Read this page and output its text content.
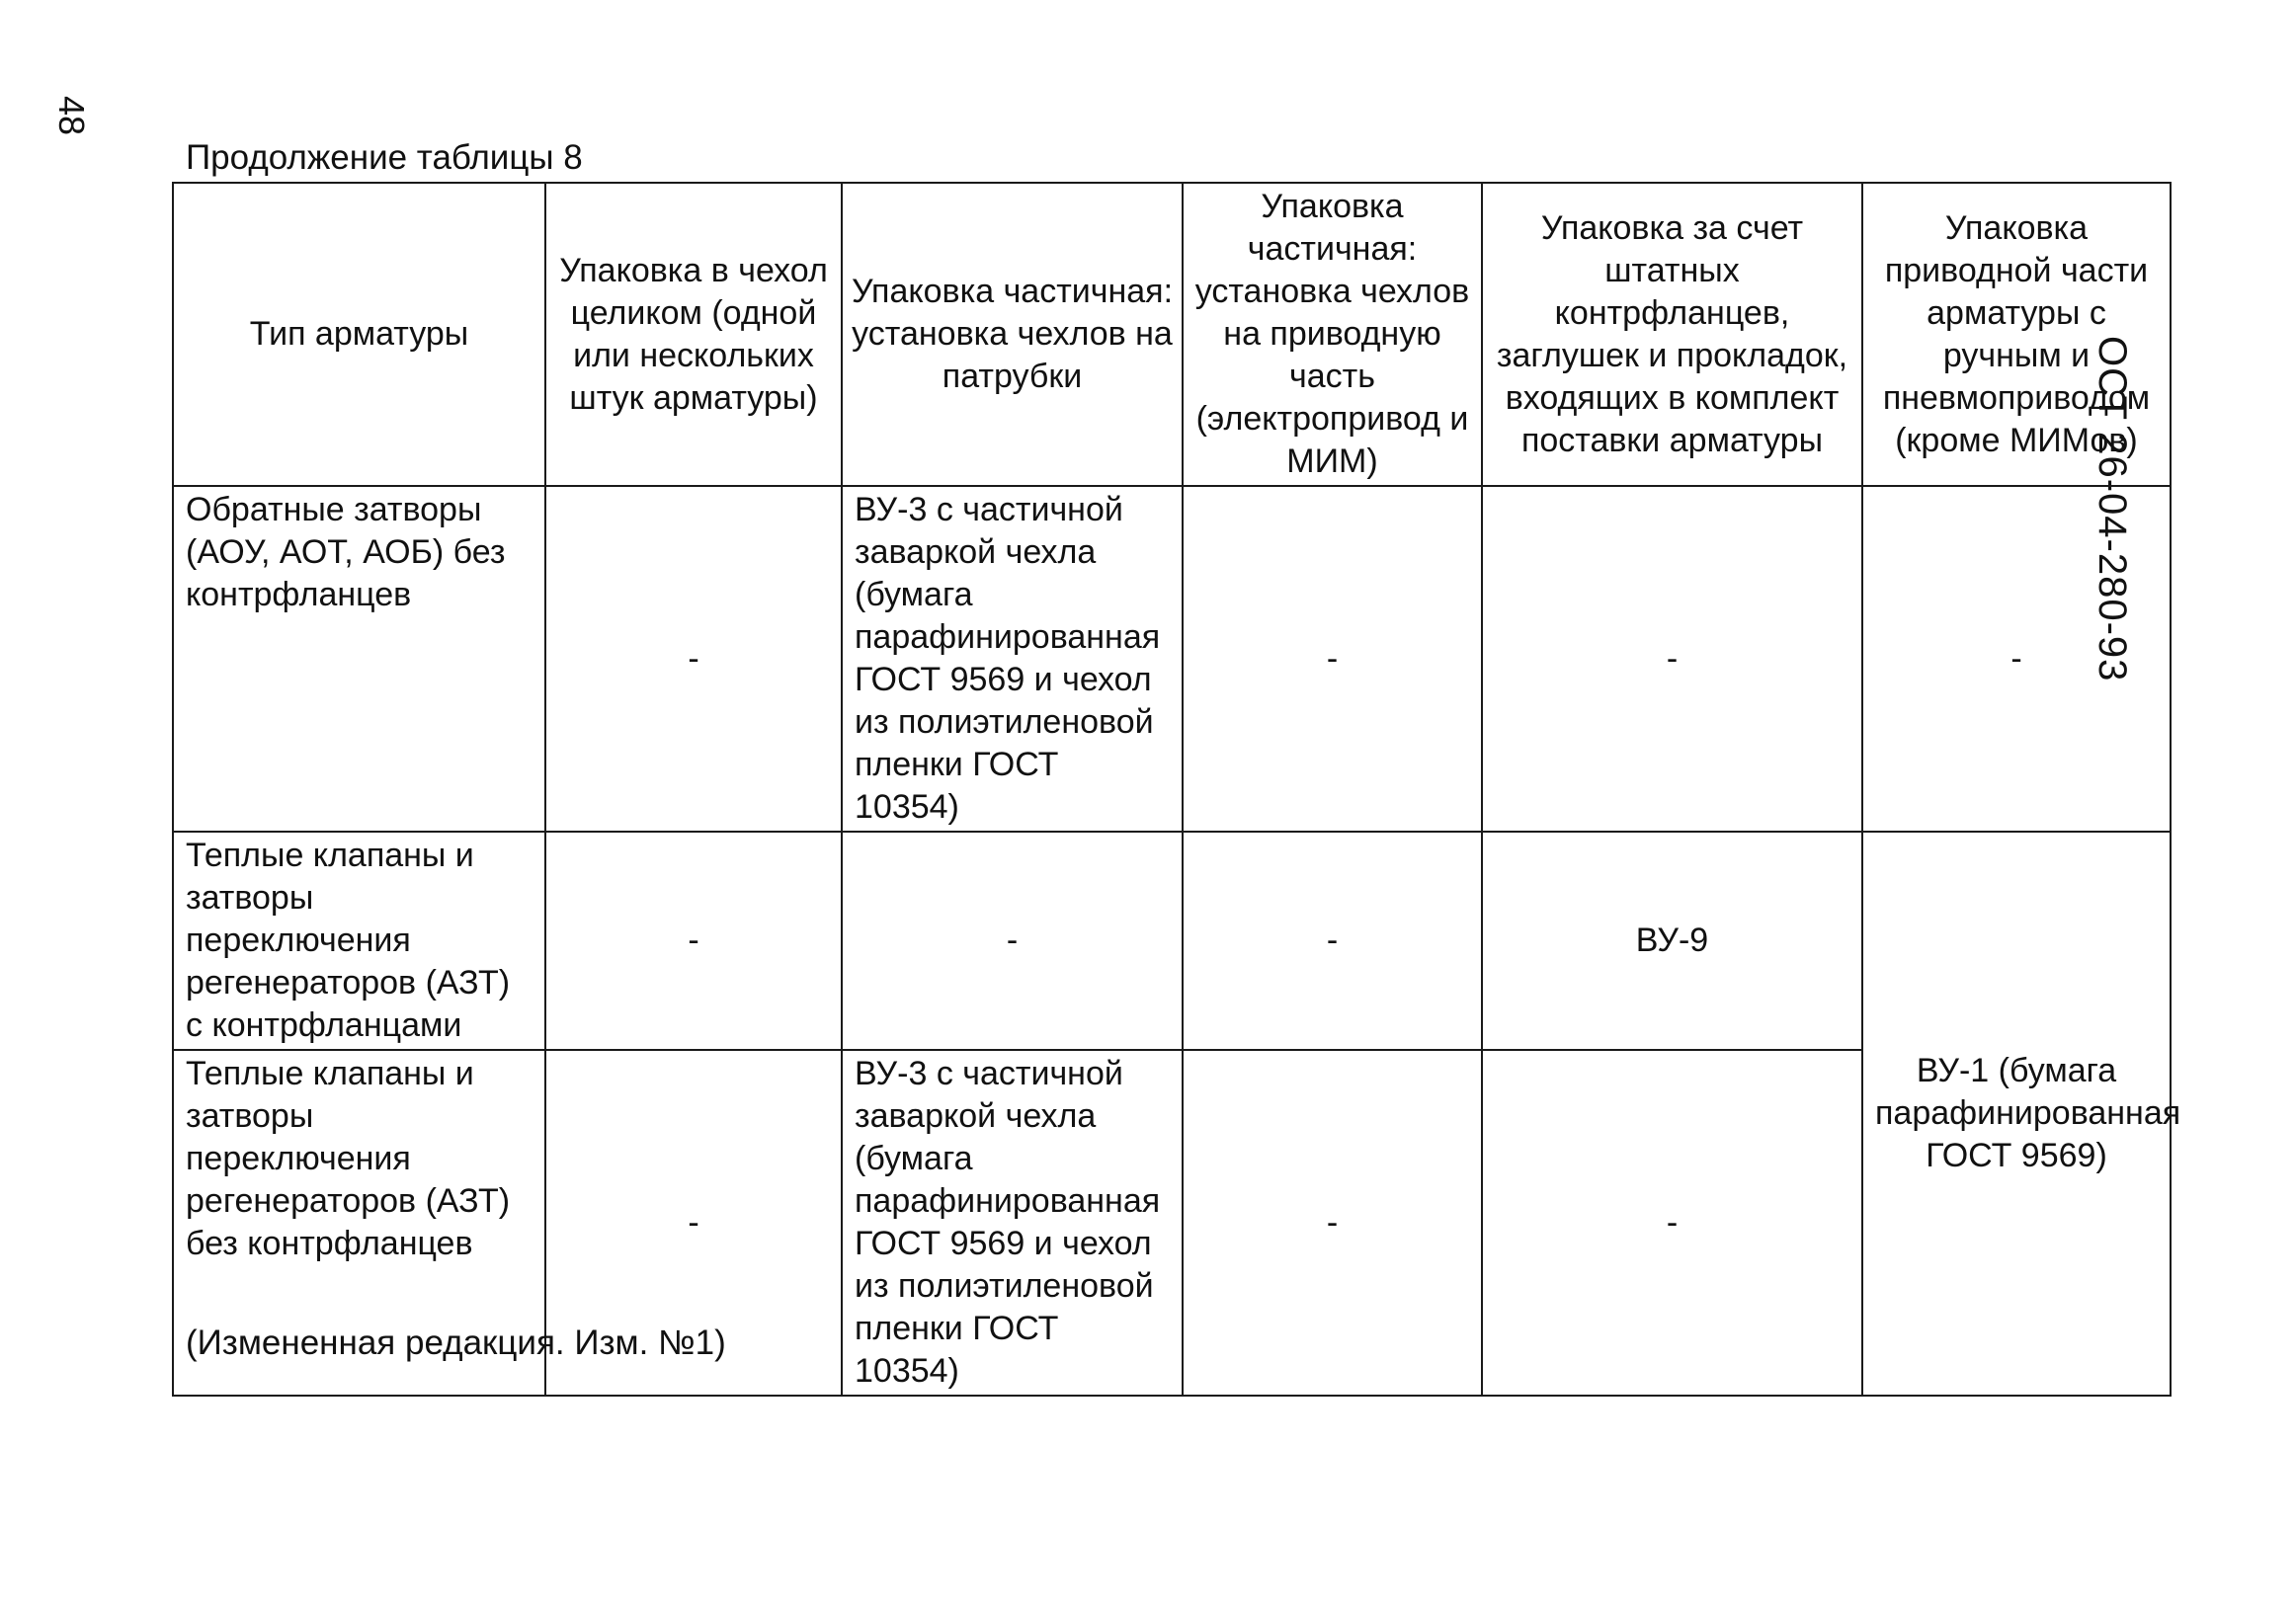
48
ОСТ 26-04-280-93
Продолжение таблицы 8
Тип арматуры	Упаковка в чехол целиком (одной или нескольких штук арматуры)	Упаковка частичная: установка чехлов на патрубки	Упаковка частичная: установка чехлов на приводную часть (электропривод и МИМ)	Упаковка за счет штатных контрфланцев, заглушек и прокладок, входящих в комплект поставки арматуры	Упаковка приводной части арматуры с ручным и пневмоприводом (кроме МИМов)
Обратные затворы (АОУ, АОТ, АОБ) без контрфланцев	-	ВУ-3 с частичной заваркой чехла (бумага парафинированная ГОСТ 9569 и чехол из полиэтиленовой пленки ГОСТ 10354)	-	-	-
Теплые клапаны и затворы переключения регенераторов (АЗТ) с контрфланцами	-	-	-	ВУ-9	ВУ-1 (бумага парафинированная ГОСТ 9569)
Теплые клапаны и затворы переключения регенераторов (АЗТ) без контрфланцев	-	ВУ-3 с частичной заваркой чехла (бумага парафинированная ГОСТ 9569 и чехол из полиэтиленовой пленки ГОСТ 10354)	-	-	
(Измененная редакция. Изм. №1)
